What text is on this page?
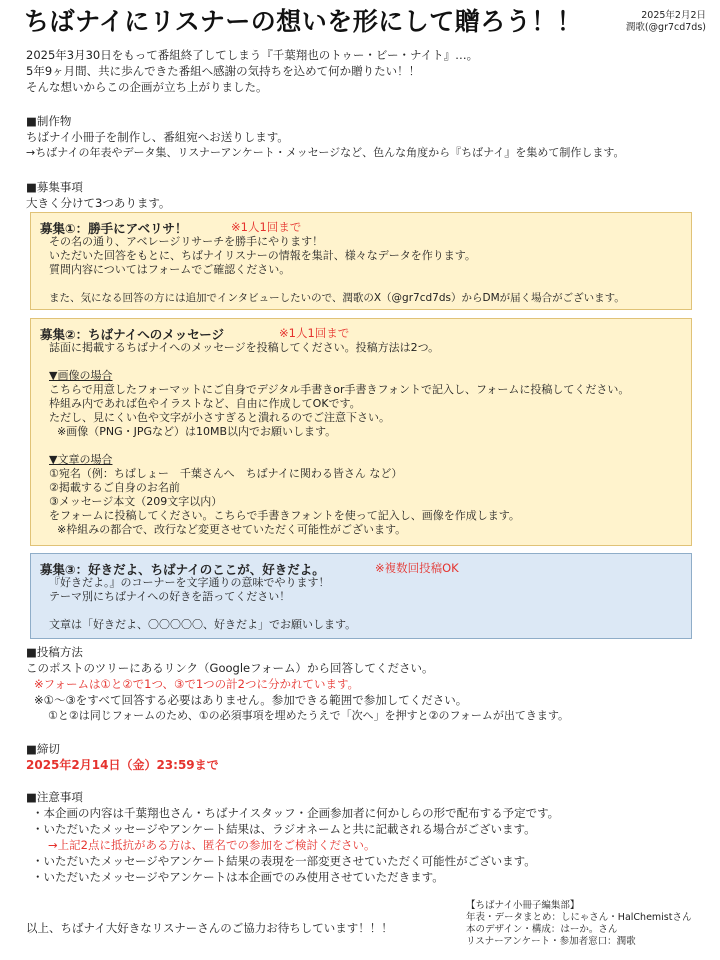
ちばナイにリスナーの想いを形にして贈ろう！！	2025年2月2日
潤歌(@gr7cd7ds)
2025年3月30日をもって番組終了してしまう『千葉翔也のトゥー・ビー・ナイト』…。
5年9ヶ月間、共に歩んできた番組へ感謝の気持ちを込めて何か贈りたい！！
そんな想いからこの企画が立ち上がりました。
■制作物
ちばナイ小冊子を制作し、番組宛へお送りします。
→ちばナイの年表やデータ集、リスナーアンケート・メッセージなど、色んな角度から『ちばナイ』を集めて制作します。
■募集事項
大きく分けて3つあります。
募集①：勝手にアベリサ！	※1人1回まで
その名の通り、アベレージリサーチを勝手にやります！
いただいた回答をもとに、ちばナイリスナーの情報を集計、様々なデータを作ります。
質問内容についてはフォームでご確認ください。
また、気になる回答の方には追加でインタビューしたいので、潤歌のX（@gr7cd7ds）からDMが届く場合がございます。
募集②：ちばナイへのメッセージ	※1人1回まで
誌面に掲載するちばナイへのメッセージを投稿してください。投稿方法は2つ。
▼画像の場合
こちらで用意したフォーマットにご自身でデジタル手書きor手書きフォントで記入し、フォームに投稿してください。
枠組み内であれば色やイラストなど、自由に作成してOKです。
ただし、見にくい色や文字が小さすぎると潰れるのでご注意下さい。
※画像（PNG・JPGなど）は10MB以内でお願いします。
▼文章の場合
①宛名（例：ちばしょー　千葉さんへ　ちばナイに関わる皆さん など）
②掲載するご自身のお名前
③メッセージ本文（209文字以内）
をフォームに投稿してください。こちらで手書きフォントを使って記入し、画像を作成します。
※枠組みの都合で、改行など変更させていただく可能性がございます。
募集③：好きだよ、ちばナイのここが、好きだよ。	※複数回投稿OK
『好きだよ。』のコーナーを文字通りの意味でやります！
テーマ別にちばナイへの好きを語ってください！
文章は「好きだよ、〇〇〇〇〇、好きだよ」でお願いします。
■投稿方法
このポストのツリーにあるリンク（Googleフォーム）から回答してください。
※フォームは①と②で1つ、③で1つの計2つに分かれています。
※①～③をすべて回答する必要はありません。参加できる範囲で参加してください。
①と②は同じフォームのため、①の必須事項を埋めたうえで「次へ」を押すと②のフォームが出てきます。
■締切
2025年2月14日（金）23:59まで
■注意事項
・本企画の内容は千葉翔也さん・ちばナイスタッフ・企画参加者に何かしらの形で配布する予定です。
・いただいたメッセージやアンケート結果は、ラジオネームと共に記載される場合がございます。
→上記2点に抵抗がある方は、匿名での参加をご検討ください。
・いただいたメッセージやアンケート結果の表現を一部変更させていただく可能性がございます。
・いただいたメッセージやアンケートは本企画でのみ使用させていただきます。
以上、ちばナイ大好きなリスナーさんのご協力お待ちしています！！！
【ちばナイ小冊子編集部】
年表・データまとめ：しにゃさん・HalChemistさん
本のデザイン・構成：はーか。さん
リスナーアンケート・参加者窓口：潤歌
